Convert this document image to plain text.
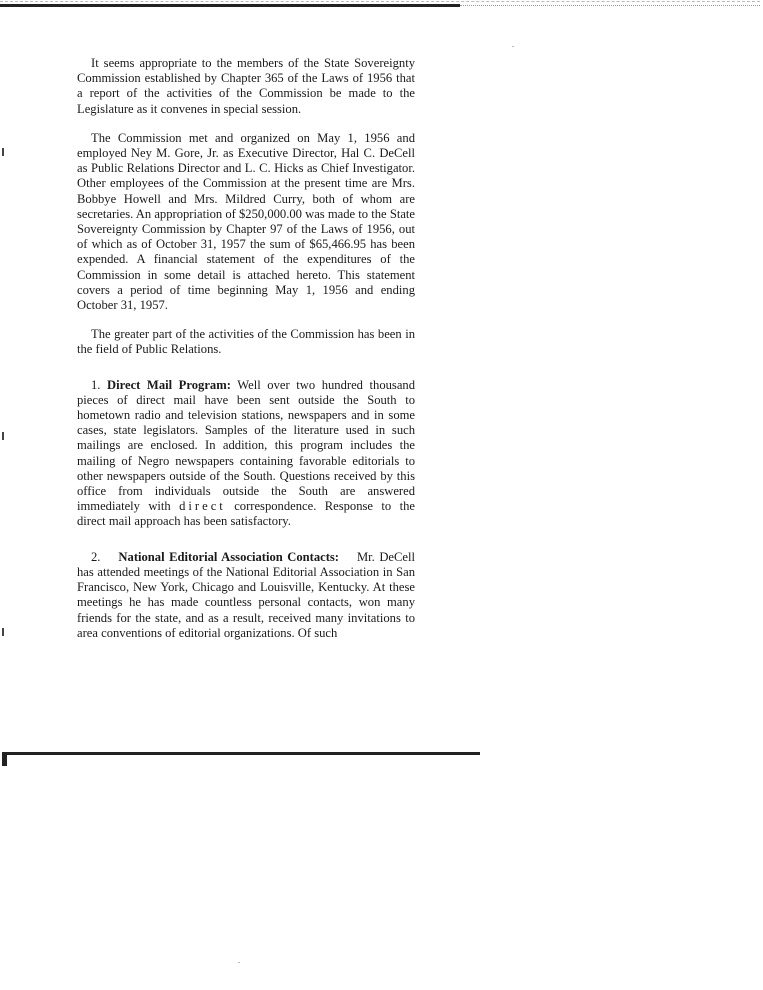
It seems appropriate to the members of the State Sovereignty Commission established by Chapter 365 of the Laws of 1956 that a report of the activities of the Commission be made to the Legislature as it convenes in special session.

The Commission met and organized on May 1, 1956 and employed Ney M. Gore, Jr. as Executive Director, Hal C. DeCell as Public Relations Director and L. C. Hicks as Chief Investigator. Other employees of the Commission at the present time are Mrs. Bobbye Howell and Mrs. Mildred Curry, both of whom are secretaries. An appropriation of $250,000.00 was made to the State Sovereignty Commission by Chapter 97 of the Laws of 1956, out of which as of October 31, 1957 the sum of $65,466.95 has been expended. A financial statement of the expenditures of the Commission in some detail is attached hereto. This statement covers a period of time beginning May 1, 1956 and ending October 31, 1957.

The greater part of the activities of the Commission has been in the field of Public Relations.

1. Direct Mail Program: Well over two hundred thousand pieces of direct mail have been sent outside the South to hometown radio and television stations, newspapers and in some cases, state legislators. Samples of the literature used in such mailings are enclosed. In addition, this program includes the mailing of Negro newspapers containing favorable editorials to other newspapers outside of the South. Questions received by this office from individuals outside the South are answered immediately with direct correspondence. Response to the direct mail approach has been satisfactory.

2. National Editorial Association Contacts: Mr. DeCell has attended meetings of the National Editorial Association in San Francisco, New York, Chicago and Louisville, Kentucky. At these meetings he has made countless personal contacts, won many friends for the state, and as a result, received many invitations to area conventions of editorial organizations. Of such
